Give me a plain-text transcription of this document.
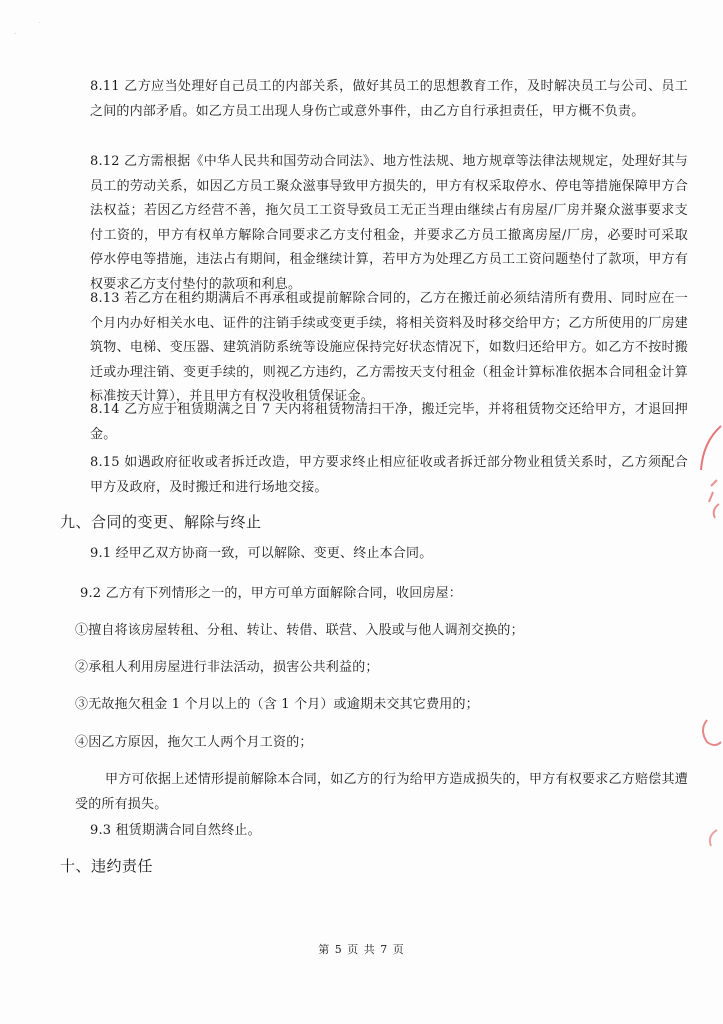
·
˙

8.11 乙方应当处理好自己员工的内部关系，做好其员工的思想教育工作，及时解决员工与公司、员工之间的内部矛盾。如乙方员工出现人身伤亡或意外事件，由乙方自行承担责任，甲方概不负责。

8.12 乙方需根据《中华人民共和国劳动合同法》、地方性法规、地方规章等法律法规规定，处理好其与员工的劳动关系，如因乙方员工聚众滋事导致甲方损失的，甲方有权采取停水、停电等措施保障甲方合法权益；若因乙方经营不善，拖欠员工工资导致员工无正当理由继续占有房屋/厂房并聚众滋事要求支付工资的，甲方有权单方解除合同要求乙方支付租金，并要求乙方员工撤离房屋/厂房，必要时可采取停水停电等措施，违法占有期间，租金继续计算，若甲方为处理乙方员工工资问题垫付了款项，甲方有权要求乙方支付垫付的款项和利息。

8.13 若乙方在租约期满后不再承租或提前解除合同的，乙方在搬迁前必须结清所有费用、同时应在一个月内办好相关水电、证件的注销手续或变更手续，将相关资料及时移交给甲方；乙方所使用的厂房建筑物、电梯、变压器、建筑消防系统等设施应保持完好状态情况下，如数归还给甲方。如乙方不按时搬迁或办理注销、变更手续的，则视乙方违约，乙方需按天支付租金（租金计算标准依据本合同租金计算标准按天计算），并且甲方有权没收租赁保证金。

8.14 乙方应于租赁期满之日 7 天内将租赁物清扫干净，搬迁完毕，并将租赁物交还给甲方，才退回押金。

8.15 如遇政府征收或者拆迁改造，甲方要求终止相应征收或者拆迁部分物业租赁关系时，乙方须配合甲方及政府，及时搬迁和进行场地交接。

九、合同的变更、解除与终止

9.1 经甲乙双方协商一致，可以解除、变更、终止本合同。

9.2 乙方有下列情形之一的，甲方可单方面解除合同，收回房屋：

①擅自将该房屋转租、分租、转让、转借、联营、入股或与他人调剂交换的；

②承租人利用房屋进行非法活动，损害公共利益的；

③无故拖欠租金 1 个月以上的（含 1 个月）或逾期未交其它费用的；

④因乙方原因，拖欠工人两个月工资的；

甲方可依据上述情形提前解除本合同，如乙方的行为给甲方造成损失的，甲方有权要求乙方赔偿其遭受的所有损失。

9.3 租赁期满合同自然终止。

十、违约责任

第 5 页 共 7 页
